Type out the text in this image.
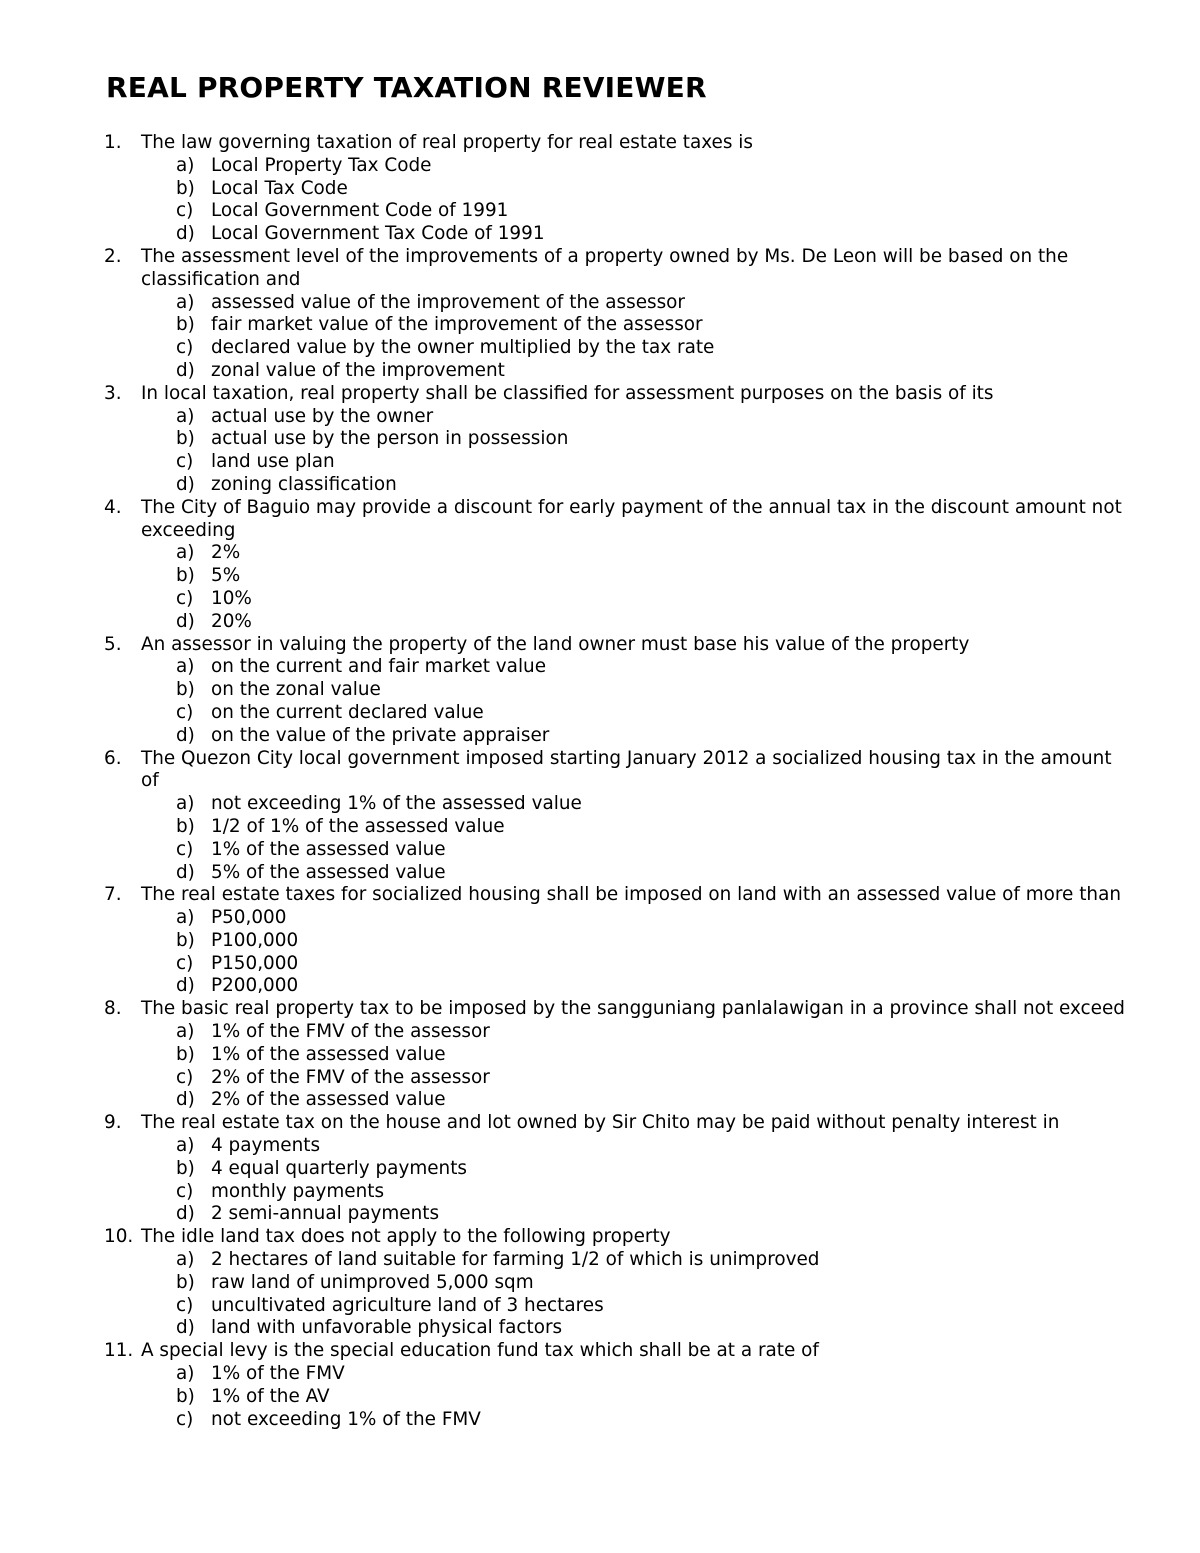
REAL PROPERTY TAXATION REVIEWER
1.	The law governing taxation of real property for real estate taxes is
a) Local Property Tax Code
b) Local Tax Code
c) Local Government Code of 1991
d) Local Government Tax Code of 1991
2.	The assessment level of the improvements of a property owned by Ms. De Leon will be based on the classification and
a) assessed value of the improvement of the assessor
b) fair market value of the improvement of the assessor
c) declared value by the owner multiplied by the tax rate
d) zonal value of the improvement
3.	In local taxation, real property shall be classified for assessment purposes on the basis of its
a) actual use by the owner
b) actual use by the person in possession
c) land use plan
d) zoning classification
4.	The City of Baguio may provide a discount for early payment of the annual tax in the discount amount not exceeding
a) 2%
b) 5%
c) 10%
d) 20%
5.	An assessor in valuing the property of the land owner must base his value of the property
a) on the current and fair market value
b) on the zonal value
c) on the current declared value
d) on the value of the private appraiser
6.	The Quezon City local government imposed starting January 2012 a socialized housing tax in the amount of
a) not exceeding 1% of the assessed value
b) 1/2 of 1% of the assessed value
c) 1% of the assessed value
d) 5% of the assessed value
7.	The real estate taxes for socialized housing shall be imposed on land with an assessed value of more than
a) P50,000
b) P100,000
c) P150,000
d) P200,000
8.	The basic real property tax to be imposed by the sangguniang panlalawigan in a province shall not exceed
a) 1% of the FMV of the assessor
b) 1% of the assessed value
c) 2% of the FMV of the assessor
d) 2% of the assessed value
9.	The real estate tax on the house and lot owned by Sir Chito may be paid without penalty interest in
a) 4 payments
b) 4 equal quarterly payments
c) monthly payments
d) 2 semi-annual payments
10. The idle land tax does not apply to the following property
a) 2 hectares of land suitable for farming 1/2 of which is unimproved
b) raw land of unimproved 5,000 sqm
c) uncultivated agriculture land of 3 hectares
d) land with unfavorable physical factors
11. A special levy is the special education fund tax which shall be at a rate of
a) 1% of the FMV
b) 1% of the AV
c) not exceeding 1% of the FMV
